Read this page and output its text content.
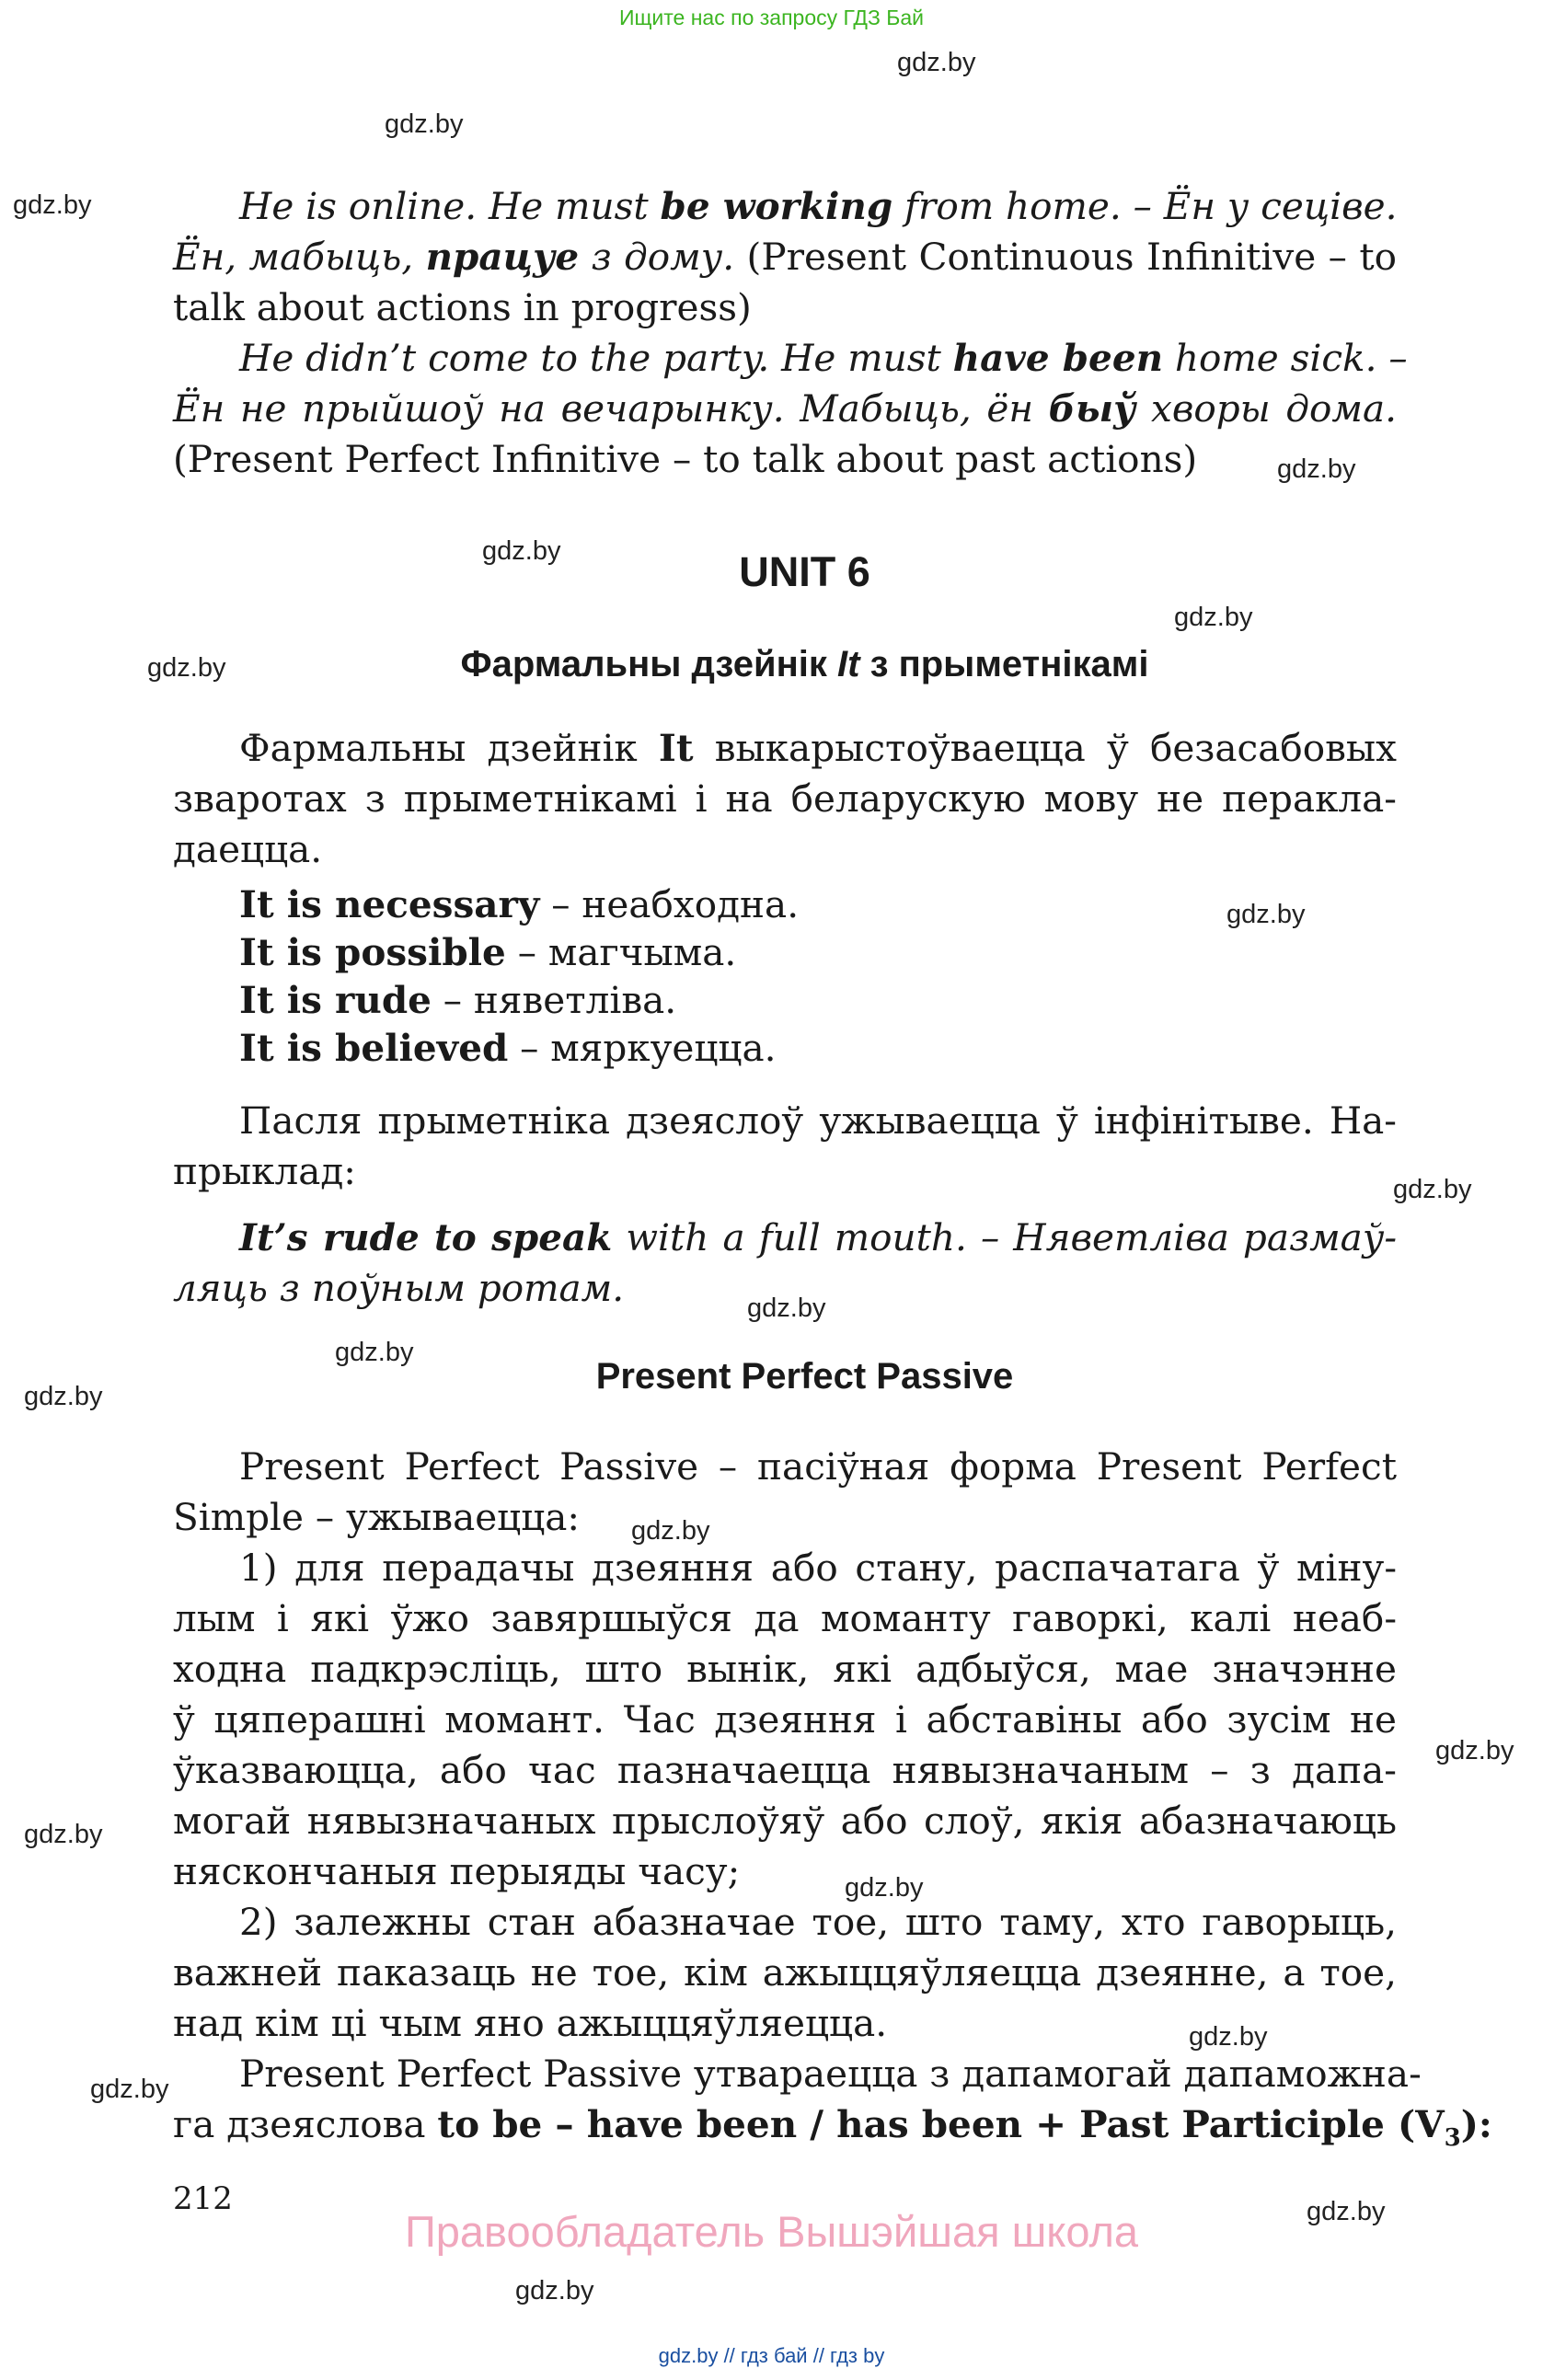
Ищите нас по запросу ГДЗ Бай
gdz.by
gdz.by
gdz.by
gdz.by
gdz.by
gdz.by
gdz.by
gdz.by
gdz.by
gdz.by
gdz.by
gdz.by
gdz.by
gdz.by
gdz.by
gdz.by
gdz.by
gdz.by
gdz.by
gdz.by
He is online. He must be working from home. – Ён у сеціве.
Ён, мабыць, працуе з дому. (Present Continuous Infinitive – to
talk about actions in progress)
He didn’t come to the party. He must have been home sick. –
Ён не прыйшоў на вечарынку. Мабыць, ён быў хворы дома.
(Present Perfect Infinitive – to talk about past actions)
UNIT 6
Фармальны дзейнік It з прыметнікамі
Фармальны дзейнік It выкарыстоўваецца ў безасабовых
зваротах з прыметнікамі і на беларускую мову не перакла-
даецца.
It is necessary – неабходна.
It is possible – магчыма.
It is rude – няветліва.
It is believed – мяркуецца.
Пасля прыметніка дзеяслоў ужываецца ў інфінітыве. На-
прыклад:
It’s rude to speak with a full mouth. – Няветліва размаў-
ляць з поўным ротам.
Present Perfect Passive
Present Perfect Passive – пасіўная форма Present Perfect
Simple – ужываецца:
1) для перадачы дзеяння або стану, распачатага ў міну-
лым і які ўжо завяршыўся да моманту гаворкі, калі неаб-
ходна падкрэсліць, што вынік, які адбыўся, мае значэнне
ў цяперашні момант. Час дзеяння і абставіны або зусім не
ўказваюцца, або час пазначаецца нявызначаным – з дапа-
могай нявызначаных прыслоўяў або слоў, якія абазначаюць
няскончаныя перыяды часу;
2) залежны стан абазначае тое, што таму, хто гаворыць,
важней паказаць не тое, кім ажыццяўляецца дзеянне, а тое,
над кім ці чым яно ажыццяўляецца.
Present Perfect Passive утвараецца з дапамогай дапаможна-
га дзеяслова to be – have been / has been + Past Participle $(V_3)$:
212
Правообладатель Вышэйшая школа
gdz.by // гдз бай // гдз by
